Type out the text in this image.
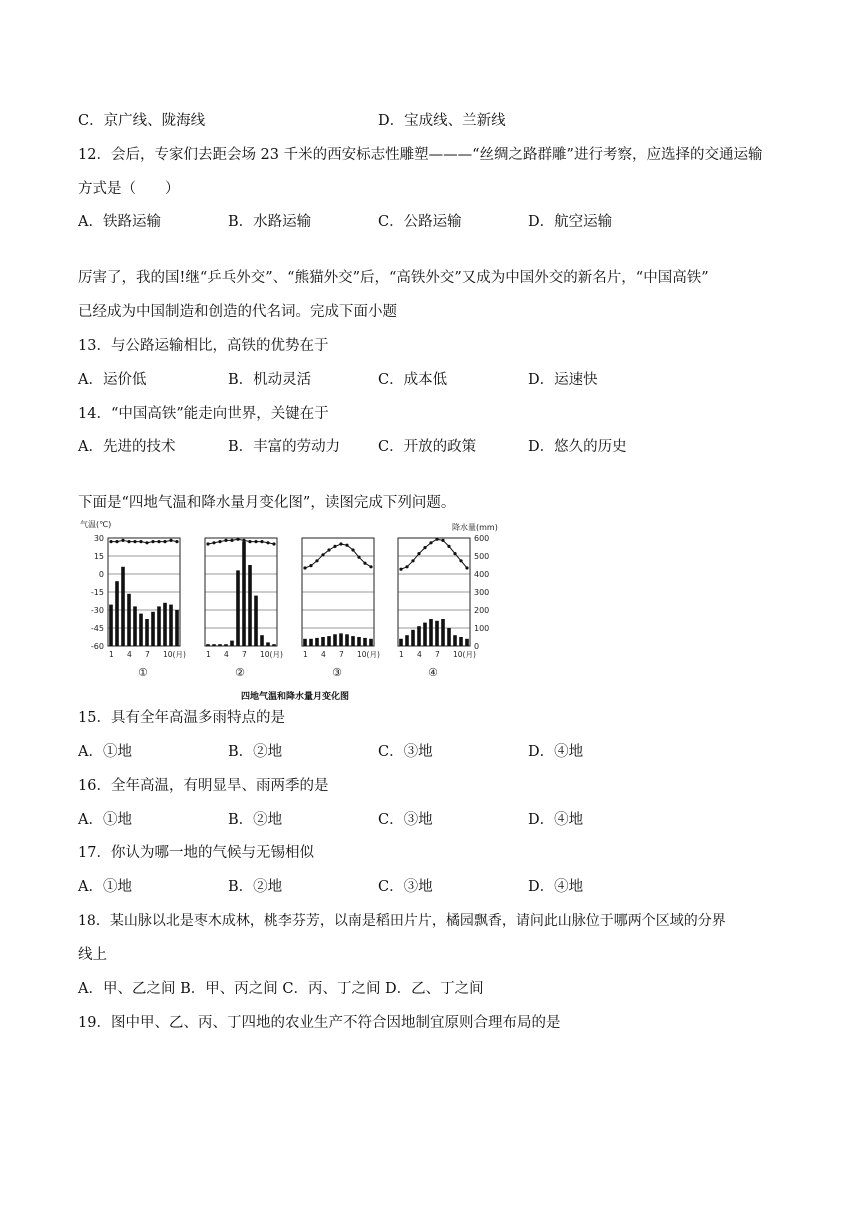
C．京广线、陇海线	D．宝成线、兰新线
12．会后，专家们去距会场 23 千米的西安标志性雕塑———“丝绸之路群雕”进行考察，应选择的交通运输
方式是（　　）
A．铁路运输	B．水路运输	C．公路运输	D．航空运输
厉害了，我的国!继“乒乓外交”、“熊猫外交”后，“高铁外交”又成为中国外交的新名片，“中国高铁”
已经成为中国制造和创造的代名词。完成下面小题
13．与公路运输相比，高铁的优势在于
A．运价低	B．机动灵活	C．成本低	D．运速快
14．“中国高铁”能走向世界，关键在于
A．先进的技术	B．丰富的劳动力	C．开放的政策	D．悠久的历史
下面是“四地气温和降水量月变化图”，读图完成下列问题。
气温(℃)
30
15
0
-15
-30
-45
-60
降水量(mm)
600
500
400
300
200
100
0
1 4 7 10(月)
①
1 4 7 10(月)
②
1 4 7 10(月)
③
1 4 7 10(月)
④
四地气温和降水量月变化图
15．具有全年高温多雨特点的是
A．①地	B．②地	C．③地	D．④地
16．全年高温，有明显旱、雨两季的是
A．①地	B．②地	C．③地	D．④地
17．你认为哪一地的气候与无锡相似
A．①地	B．②地	C．③地	D．④地
18．某山脉以北是枣木成林，桃李芬芳，以南是稻田片片，橘园飘香，请问此山脉位于哪两个区域的分界
线上
A．甲、乙之间 B．甲、丙之间 C．丙、丁之间 D．乙、丁之间
19．图中甲、乙、丙、丁四地的农业生产不符合因地制宜原则合理布局的是
